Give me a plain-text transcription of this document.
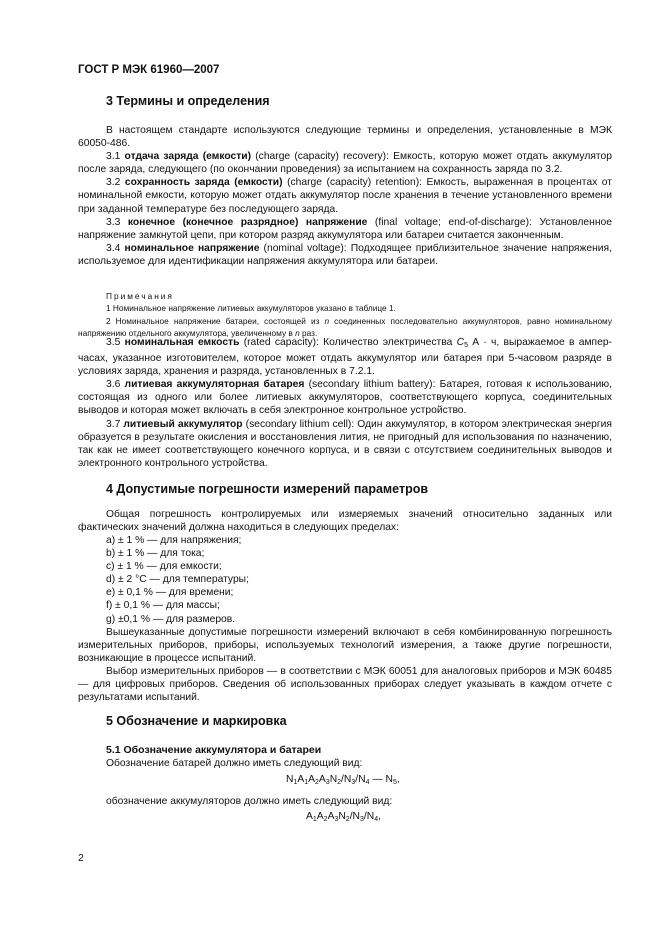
ГОСТ Р МЭК 61960—2007
3 Термины и определения

В настоящем стандарте используются следующие термины и определения, установленные в МЭК 60050-486.

3.1 отдача заряда (емкости) (charge (capacity) recovery): Емкость, которую может отдать аккумулятор после заряда, следующего (по окончании проведения) за испытанием на сохранность заряда по 3.2.

3.2 сохранность заряда (емкости) (charge (capacity) retention): Емкость, выраженная в процентах от номинальной емкости, которую может отдать аккумулятор после хранения в течение установленного времени при заданной температуре без последующего заряда.

3.3 конечное (конечное разрядное) напряжение (final voltage; end-of-discharge): Установленное напряжение замкнутой цепи, при котором разряд аккумулятора или батареи считается законченным.

3.4 номинальное напряжение (nominal voltage): Подходящее приблизительное значение напряжения, используемое для идентификации напряжения аккумулятора или батареи.

Примечания

1 Номинальное напряжение литиевых аккумуляторов указано в таблице 1.

2 Номинальное напряжение батареи, состоящей из n соединенных последовательно аккумуляторов, равно номинальному напряжению отдельного аккумулятора, увеличенному в n раз.

3.5 номинальная емкость (rated capacity): Количество электричества $C_5$ А · ч, выражаемое в ампер-часах, указанное изготовителем, которое может отдать аккумулятор или батарея при 5-часовом разряде в условиях заряда, хранения и разряда, установленных в 7.2.1.

3.6 литиевая аккумуляторная батарея (secondary lithium battery): Батарея, готовая к использованию, состоящая из одного или более литиевых аккумуляторов, соответствующего корпуса, соединительных выводов и которая может включать в себя электронное контрольное устройство.

3.7 литиевый аккумулятор (secondary lithium cell): Один аккумулятор, в котором электрическая энергия образуется в результате окисления и восстановления лития, не пригодный для использования по назначению, так как не имеет соответствующего конечного корпуса, и в связи с отсутствием соединительных выводов и электронного контрольного устройства.

4 Допустимые погрешности измерений параметров

Общая погрешность контролируемых или измеряемых значений относительно заданных или фактических значений должна находиться в следующих пределах:

a) ± 1 % — для напряжения;
b) ± 1 % — для тока;
c) ± 1 % — для емкости;
d) ± 2 °С — для температуры;
e) ± 0,1 % — для времени;
f) ± 0,1 % — для массы;
g) ±0,1 % — для размеров.

Вышеуказанные допустимые погрешности измерений включают в себя комбинированную погрешность измерительных приборов, приборы, используемых технологий измерения, а также другие погрешности, возникающие в процессе испытаний.

Выбор измерительных приборов — в соответствии с МЭК 60051 для аналоговых приборов и МЭК 60485 — для цифровых приборов. Сведения об использованных приборах следует указывать в каждом отчете с результатами испытаний.

5 Обозначение и маркировка
5.1 Обозначение аккумулятора и батареи

Обозначение батарей должно иметь следующий вид:

$N_1A_1A_2A_3N_2/N_3/N_4$ — $N_5$,

обозначение аккумуляторов должно иметь следующий вид:

$A_1A_2A_3N_2/N_3/N_4$,
2
